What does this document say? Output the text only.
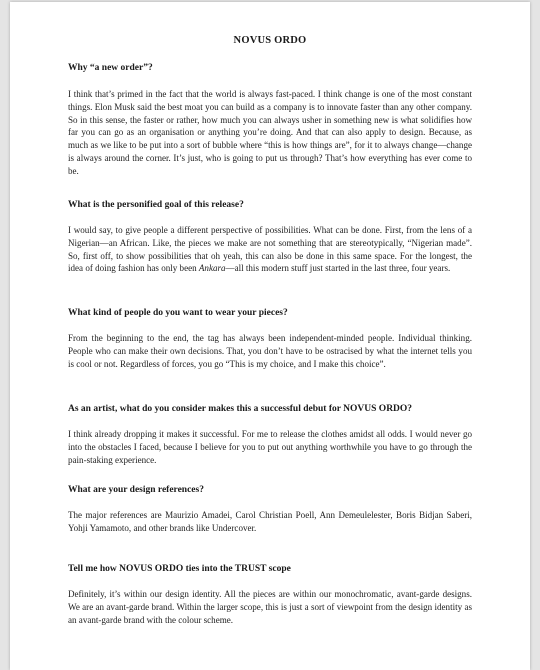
NOVUS ORDO

Why “a new order”?

I think that’s primed in the fact that the world is always fast-paced. I think change is one of the most constant things. Elon Musk said the best moat you can build as a company is to innovate faster than any other company. So in this sense, the faster or rather, how much you can always usher in something new is what solidifies how far you can go as an organisation or anything you’re doing. And that can also apply to design. Because, as much as we like to be put into a sort of bubble where “this is how things are”, for it to always change—change is always around the corner. It’s just, who is going to put us through? That’s how everything has ever come to be.

What is the personified goal of this release?

I would say, to give people a different perspective of possibilities. What can be done. First, from the lens of a Nigerian—an African. Like, the pieces we make are not something that are stereotypically, “Nigerian made”. So, first off, to show possibilities that oh yeah, this can also be done in this same space. For the longest, the idea of doing fashion has only been Ankara—all this modern stuff just started in the last three, four years.

What kind of people do you want to wear your pieces?

From the beginning to the end, the tag has always been independent-minded people. Individual thinking. People who can make their own decisions. That, you don’t have to be ostracised by what the internet tells you is cool or not. Regardless of forces, you go “This is my choice, and I make this choice”.

As an artist, what do you consider makes this a successful debut for NOVUS ORDO?

I think already dropping it makes it successful. For me to release the clothes amidst all odds. I would never go into the obstacles I faced, because I believe for you to put out anything worthwhile you have to go through the pain-staking experience.

What are your design references?

The major references are Maurizio Amadei, Carol Christian Poell, Ann Demeulelester, Boris Bidjan Saberi, Yohji Yamamoto, and other brands like Undercover.

Tell me how NOVUS ORDO ties into the TRUST scope

Definitely, it’s within our design identity. All the pieces are within our monochromatic, avant-garde designs. We are an avant-garde brand. Within the larger scope, this is just a sort of viewpoint from the design identity as an avant-garde brand with the colour scheme.
